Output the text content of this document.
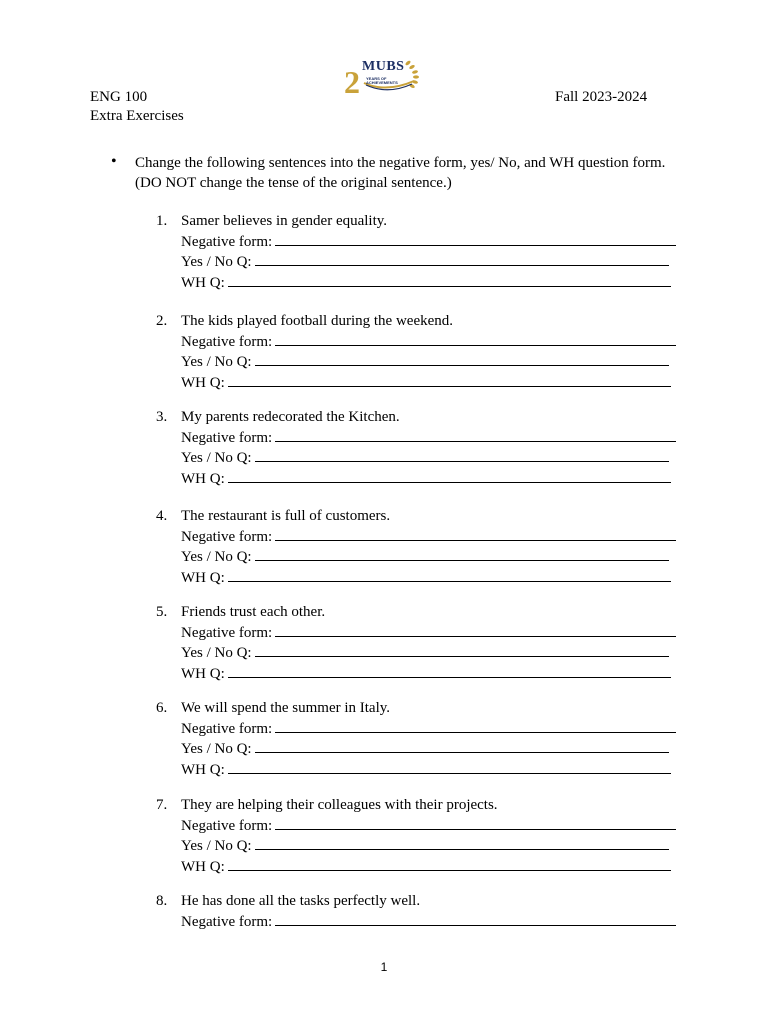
2 MUBS
YEARS OF
ACHIEVEMENTS
ENG 100
Extra Exercises
Fall 2023-2024
• Change the following sentences into the negative form, yes/ No, and WH question form.
(DO NOT change the tense of the original sentence.)
1. Samer believes in gender equality.
Negative form:
Yes / No Q:
WH Q:
2. The kids played football during the weekend.
Negative form:
Yes / No Q:
WH Q:
3. My parents redecorated the Kitchen.
Negative form:
Yes / No Q:
WH Q:
4. The restaurant is full of customers.
Negative form:
Yes / No Q:
WH Q:
5. Friends trust each other.
Negative form:
Yes / No Q:
WH Q:
6. We will spend the summer in Italy.
Negative form:
Yes / No Q:
WH Q:
7. They are helping their colleagues with their projects.
Negative form:
Yes / No Q:
WH Q:
8. He has done all the tasks perfectly well.
Negative form:
1
